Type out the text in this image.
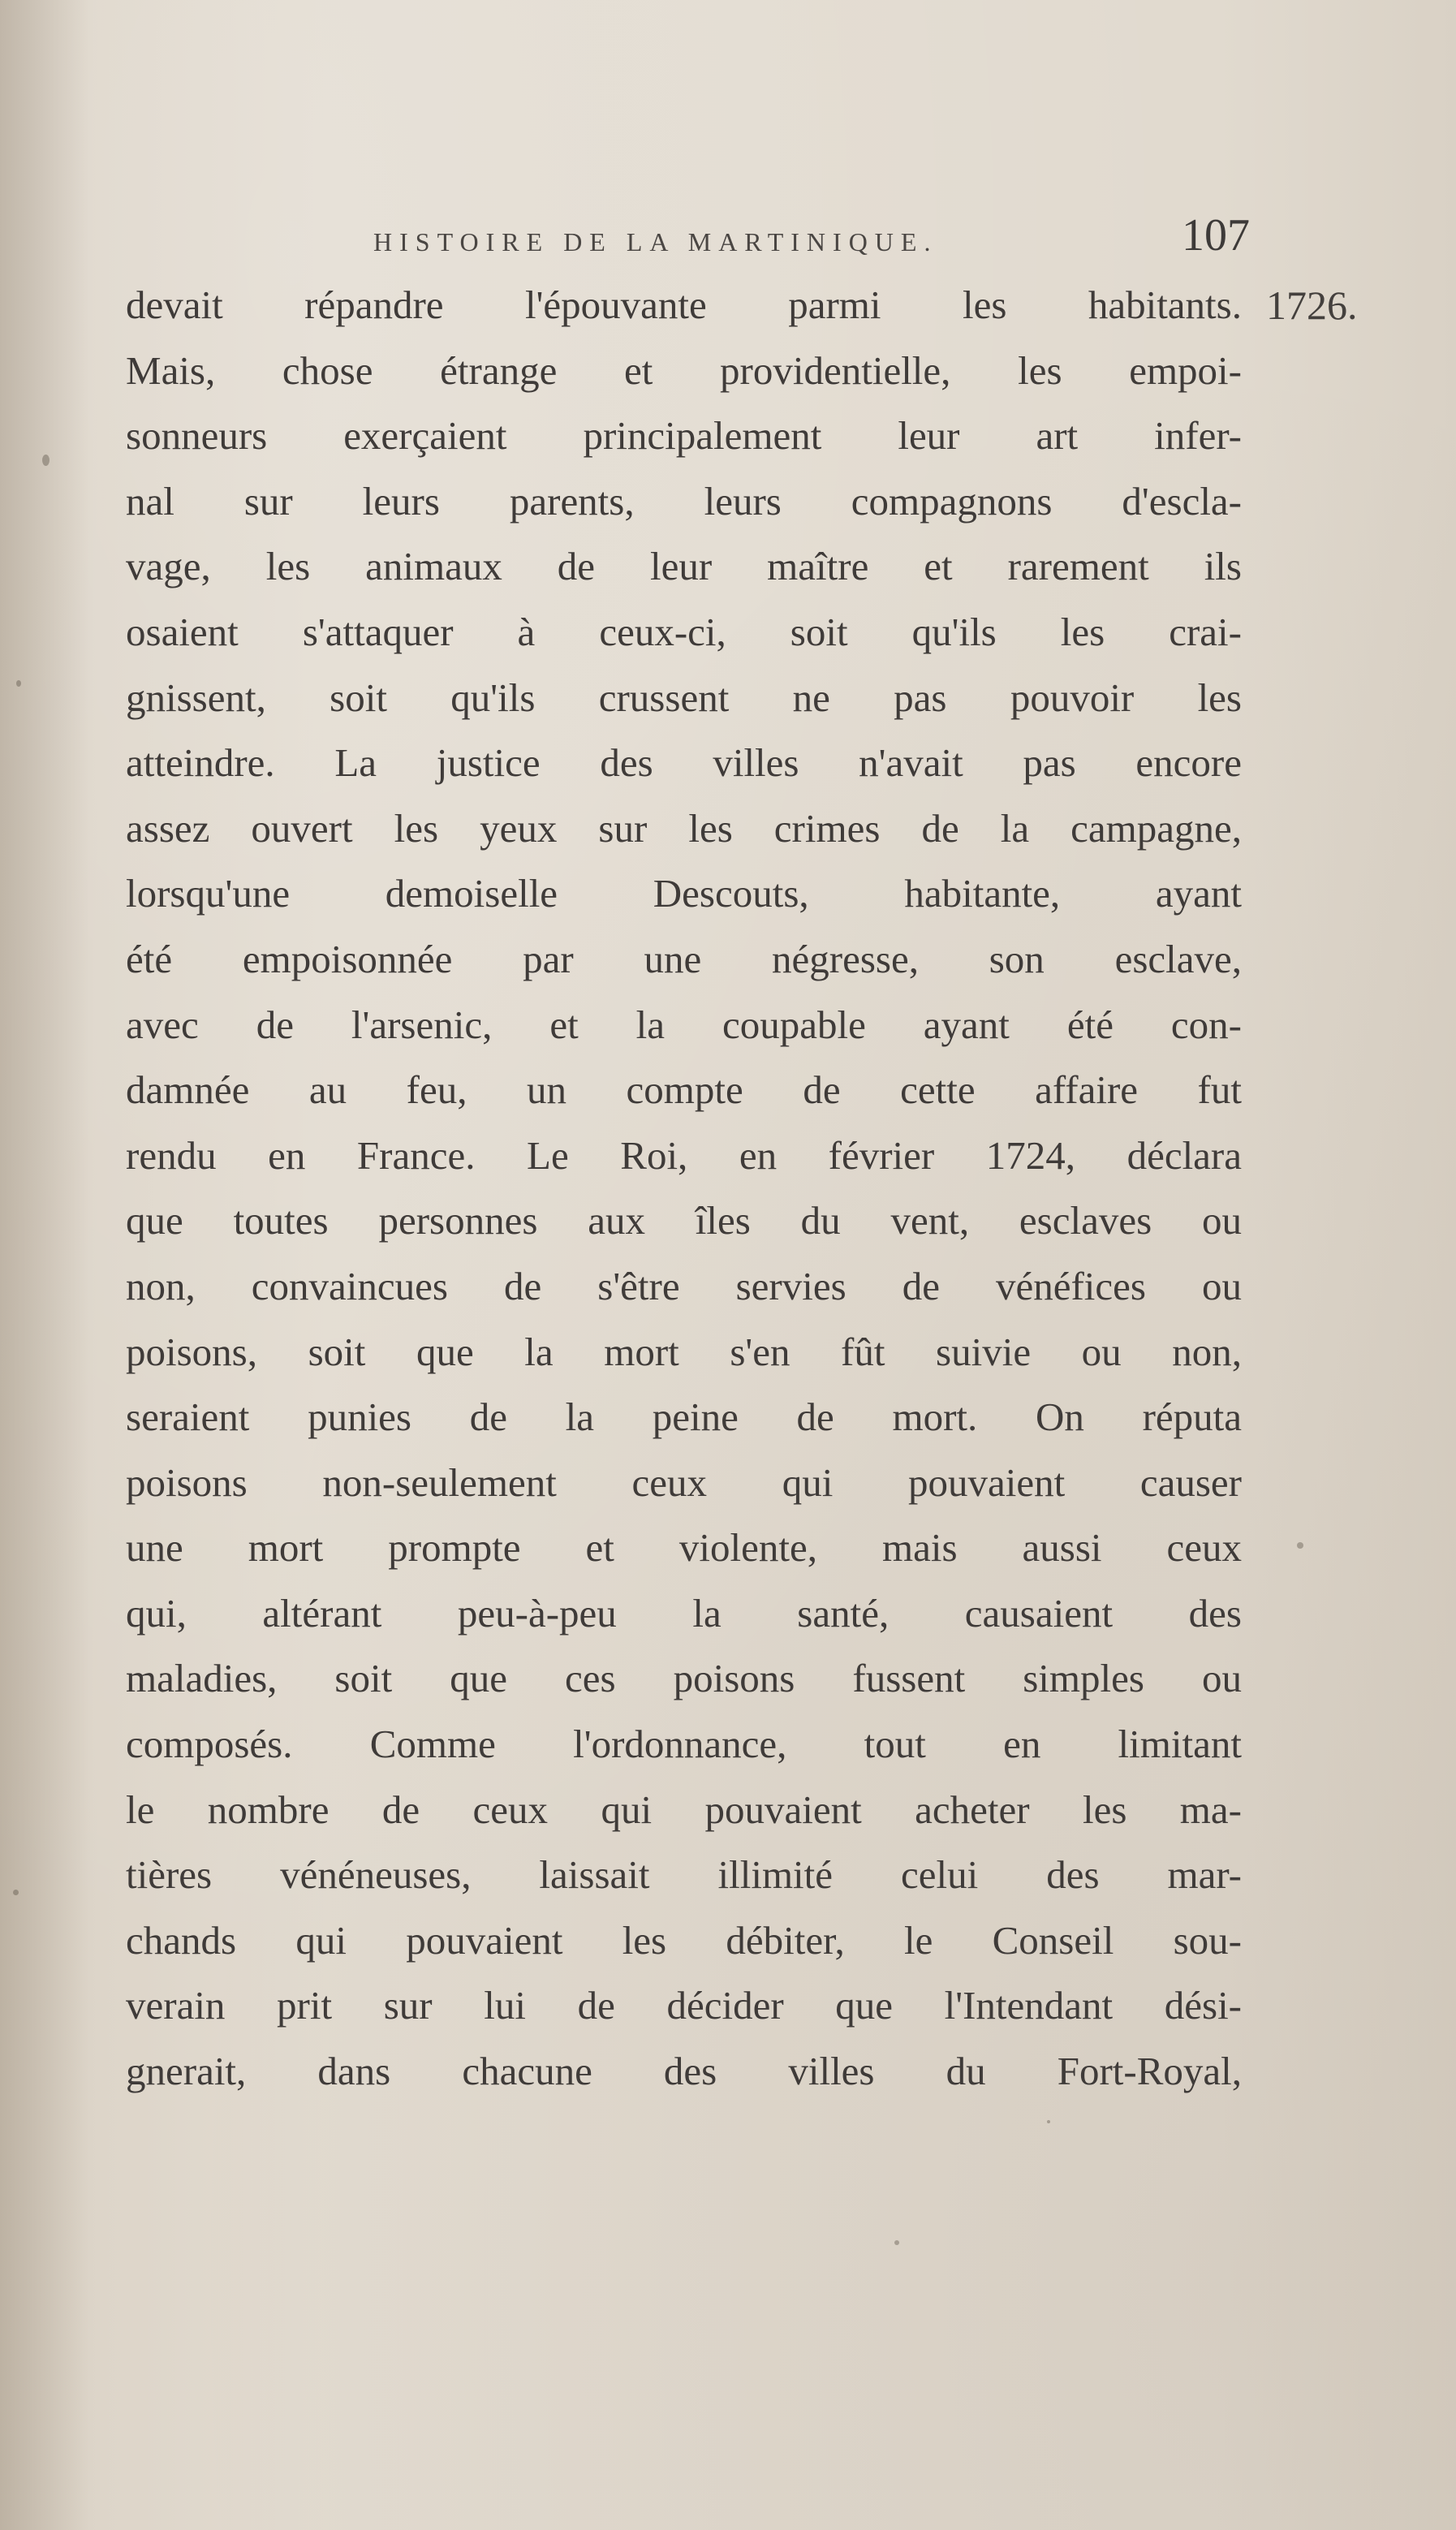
HISTOIRE DE LA MARTINIQUE.	107
1726.
devait répandre l'épouvante parmi les habitants.
Mais, chose étrange et providentielle, les empoi-
sonneurs exerçaient principalement leur art infer-
nal sur leurs parents, leurs compagnons d'escla-
vage, les animaux de leur maître et rarement ils
osaient s'attaquer à ceux-ci, soit qu'ils les crai-
gnissent, soit qu'ils crussent ne pas pouvoir les
atteindre. La justice des villes n'avait pas encore
assez ouvert les yeux sur les crimes de la campagne,
lorsqu'une demoiselle Descouts, habitante, ayant
été empoisonnée par une négresse, son esclave,
avec de l'arsenic, et la coupable ayant été con-
damnée au feu, un compte de cette affaire fut
rendu en France. Le Roi, en février 1724, déclara
que toutes personnes aux îles du vent, esclaves ou
non, convaincues de s'être servies de vénéfices ou
poisons, soit que la mort s'en fût suivie ou non,
seraient punies de la peine de mort. On réputa
poisons non-seulement ceux qui pouvaient causer
une mort prompte et violente, mais aussi ceux
qui, altérant peu-à-peu la santé, causaient des
maladies, soit que ces poisons fussent simples ou
composés. Comme l'ordonnance, tout en limitant
le nombre de ceux qui pouvaient acheter les ma-
tières vénéneuses, laissait illimité celui des mar-
chands qui pouvaient les débiter, le Conseil sou-
verain prit sur lui de décider que l'Intendant dési-
gnerait, dans chacune des villes du Fort-Royal,
